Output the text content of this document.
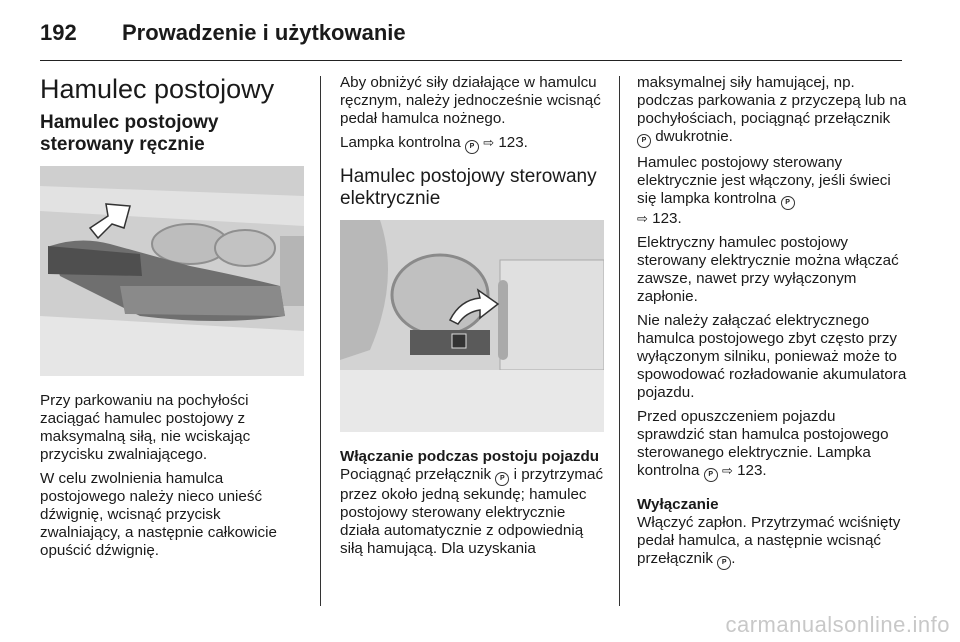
192 Prowadzenie i użytkowanie
Hamulec postojowy
Hamulec postojowy sterowany ręcznie

Przy parkowaniu na pochyłości zaciągać hamulec postojowy z maksymalną siłą, nie wciskając przycisku zwalniającego.

W celu zwolnienia hamulca postojowego należy nieco unieść dźwignię, wcisnąć przycisk zwalniający, a następnie całkowicie opuścić dźwignię.

Aby obniżyć siły działające w hamulcu ręcznym, należy jednocześnie wcisnąć pedał hamulca nożnego.

Lampka kontrolna P ⇨ 123.

Hamulec postojowy sterowany elektrycznie

Włączanie podczas postoju pojazdu

Pociągnąć przełącznik P i przytrzymać przez około jedną sekundę; hamulec postojowy sterowany elektrycznie działa automatycznie z odpowiednią siłą hamującą. Dla uzyskania

maksymalnej siły hamującej, np. podczas parkowania z przyczepą lub na pochyłościach, pociągnąć przełącznik P dwukrotnie.

Hamulec postojowy sterowany elektrycznie jest włączony, jeśli świeci się lampka kontrolna P
⇨ 123.

Elektryczny hamulec postojowy sterowany elektrycznie można włączać zawsze, nawet przy wyłączonym zapłonie.

Nie należy załączać elektrycznego hamulca postojowego zbyt często przy wyłączonym silniku, ponieważ może to spowodować rozładowanie akumulatora pojazdu.

Przed opuszczeniem pojazdu sprawdzić stan hamulca postojowego sterowanego elektrycznie. Lampka kontrolna P ⇨ 123.

Wyłączanie

Włączyć zapłon. Przytrzymać wciśnięty pedał hamulca, a następnie wcisnąć przełącznik P .

carmanualsonline.info
